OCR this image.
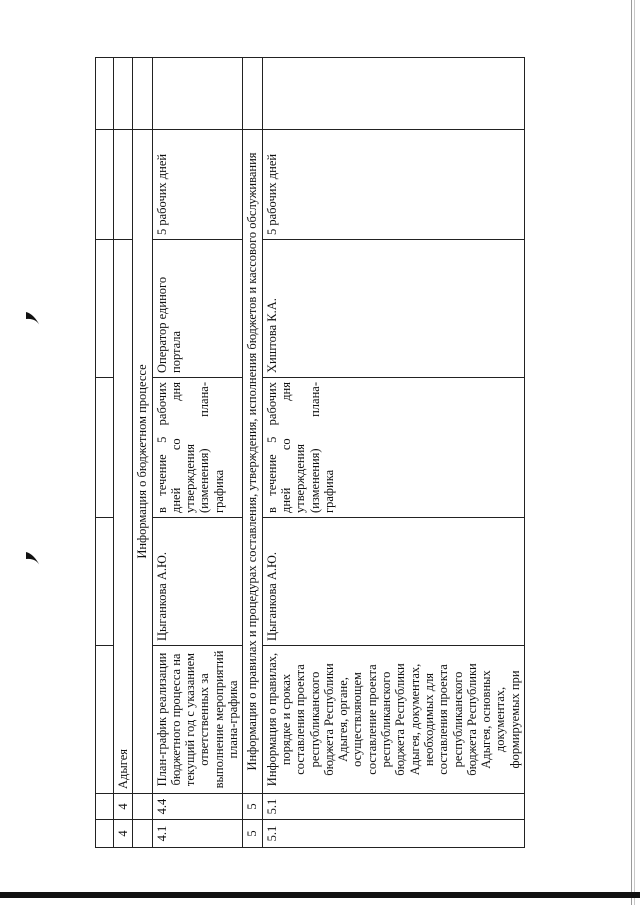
4	4	Адыгея					
		Информация о бюджетном процессе					
4.1	4.4	План-график реализации бюджетного процесса на текущий год с указанием ответственных за выполнение мероприятий плана-графика	Цыганкова А.Ю.	в течение 5 рабочих дней со дня утверждения (изменения) плана-графика	Оператор единого портала	5 рабочих дней	
5	5	Информация о правилах и процедурах составления, утверждения, исполнения бюджетов и кассового обслуживания					
5.1	5.1	Информация о правилах, порядке и сроках составления проекта республиканского бюджета Республики Адыгея, органе, осуществляющем составление проекта республиканского бюджета Республики Адыгея, документах, необходимых для составления проекта республиканского бюджета Республики Адыгея, основных документах, формируемых при	Цыганкова А.Ю.	в течение 5 рабочих дней со дня утверждения (изменения) плана-графика	Хиштова К.А.	5 рабочих дней	
